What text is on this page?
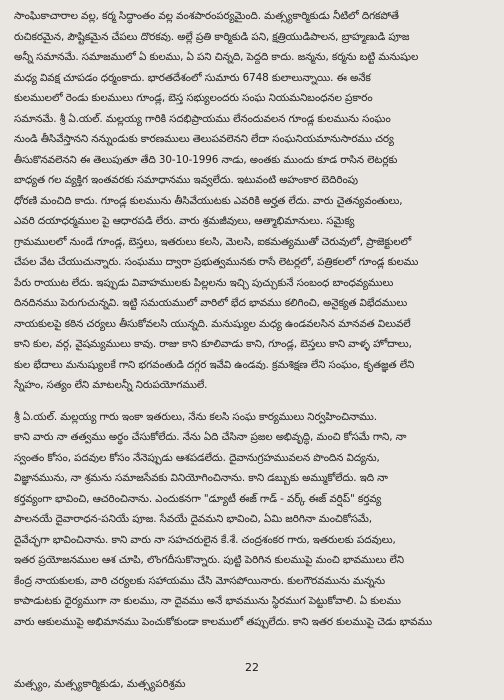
సాంఘికాచారాల వల్ల, కర్మ సిద్ధాంతం వల్ల వంశపారంపర్యమైంది. మత్స్యకార్మికుడు నీటిలో దిగకపోతే
రుచికరమైన, పౌష్టికమైన చేపలు దొరకవు. అల్లే ప్రతి కార్మికుడి పని, క్షత్రియుడిపాలన, బ్రాహ్మణుడి పూజ
అన్నీ సమానమే. సమాజములో ఏ కులము, ఏ పని చిన్నది, పెద్దది కాదు. జన్మను, కర్మను బట్టి మనుషుల
మధ్య వివక్ష చూపడం ధర్మంకాదు. భారతదేశంలో సుమారు 6748 కులాలున్నాయి. ఈ అనేక
కులములలో రెండు కులములు గూండ్ల, బెస్త సభ్యులందరు సంఘ నియమనిబంధనల ప్రకారం
సమానమే. శ్రీ ఏ.యల్. మల్లయ్య గారికి సదభిప్రాయము లేనందువలన గూండ్ల కులమును సంఘం
నుండి తీసివేస్తానని నన్నుండుకు కారణములు తెలుపవలెనని లేదా సంఘనియమానుసారము చర్య
తీసుకొనవలెనని ఈ తెలుపుతూ తేది 30-10-1996 నాడు, అంతకు ముందు కూడ రాసిన లెటర్లకు
బాధ్యత గల వ్యక్తిగ ఇంతవరకు సమాధానము ఇవ్వలేదు. ఇటువంటి అహంకార బెదిరింపు
ధోరణి మంచిది కాదు. గూండ్ల కులమును తీసివేయుటకు ఎవరికి అర్హత లేదు. వారు చైతన్యవంతులు,
ఎవరి దయాధర్మముల పై ఆధారపడి లేరు. వారు శ్రమజీవులు, ఆత్మాభిమానులు. సమైక్య
గ్రామములలో నుండే గూండ్ల, బెస్తలు, ఇతరులు కలసి, మెలసి, ఐకమత్యముతో చెరువులో, ప్రాజెక్టులలో
చేపల వేట చేయుచున్నారు. సంఘము ద్వారా ప్రభుత్వమునకు రాసే లెటర్లలో, పత్రికలలో గూండ్ల కులము
పేరు రాయుట లేదు. ఇప్పుడు వివాహములకు పిల్లలను ఇచ్చి పుచ్చుకునే సంబంధ బాంధవ్యములు
దినదినము పెరుగుచున్నవి. ఇట్టి సమయములో వారిలో భేద భావము కలిగించి, అనైక్యత విభేదములు
నాయకులపై కఠిన చర్యలు తీసుకోవలసి యున్నది. మనుష్యుల మధ్య ఉండవలసిన మానవత విలువలే
కాని కుల, వర్గ, వైషమ్యములు కావు. రాజు కాని కూలివాడు కాని, గూండ్ల, బెస్తలు కాని వాళ్ళ హోదాలు,
కుల భేదాలు మనుష్యులకే గాని భగవంతుడి దగ్గర ఇవేవి ఉండవు. క్రమశిక్షణ లేని సంఘం, కృతజ్ఞత లేని
స్నేహం, సత్యం లేని మాటలన్నీ నిరుపయోగములే.
శ్రీ ఏ.యల్. మల్లయ్య గారు ఇంకా ఇతరులు, నేను కలసి సంఘ కార్యములు నిర్వహించినాము.
కాని వారు నా తత్వము అర్థం చేసుకోలేదు. నేను ఏది చేసినా ప్రజల అభివృద్ధి, మంచి కోసమే గాని, నా
స్వంతం కోసం, పదవుల కోసం నేనెప్పుడు ఆశపడలేదు. దైవానుగ్రహమువలన పొందిన విద్యను,
విజ్ఞానమును, నా శ్రమను సమాజసేవకు వినియోగించినాను. కాని డబ్బుకు అమ్ముకోలేదు. ఇది నా
కర్తవ్యంగా భావించి, ఆచరించినాను. ఎందుకనగా "డ్యూటీ ఈజ్ గాడ్ - వర్క్ ఈజ్ వర్షిప్" కర్తవ్య
పాలనయే దైవారాధన-పనియే పూజ. సేవయే దైవమని భావించి, ఏమి జరిగినా మంచికోసమే,
దైవేచ్ఛగా భావించినాను. కాని వారు నా సహచరులైన కే.శే. చంద్రశంకర గారు, ఇతరులకు పదవులు,
ఇతర ప్రయోజనముల ఆశ చూపి, లొంగదీసుకొన్నారు. పుట్టి పెరిగిన కులముపై మంచి భావములు లేని
కేంద్ర నాయకులకు, వారి చర్యలకు సహాయము చేసి మోసపోయినారు. కులగౌరవమును మన్నను
కాపాడుటకు ధైర్యముగా నా కులము, నా దైవము అనే భావమును స్థిరముగ పెట్టుకోవాలి. ఏ కులము
వారు ఆకులముపై అభిమానము పెంచుకోకుండా కాలములో తప్పులేదు. కాని ఇతర కులముపై చెడు భావము
22
మత్స్యం, మత్స్యకార్మికుడు, మత్స్యపరిశ్రమ
